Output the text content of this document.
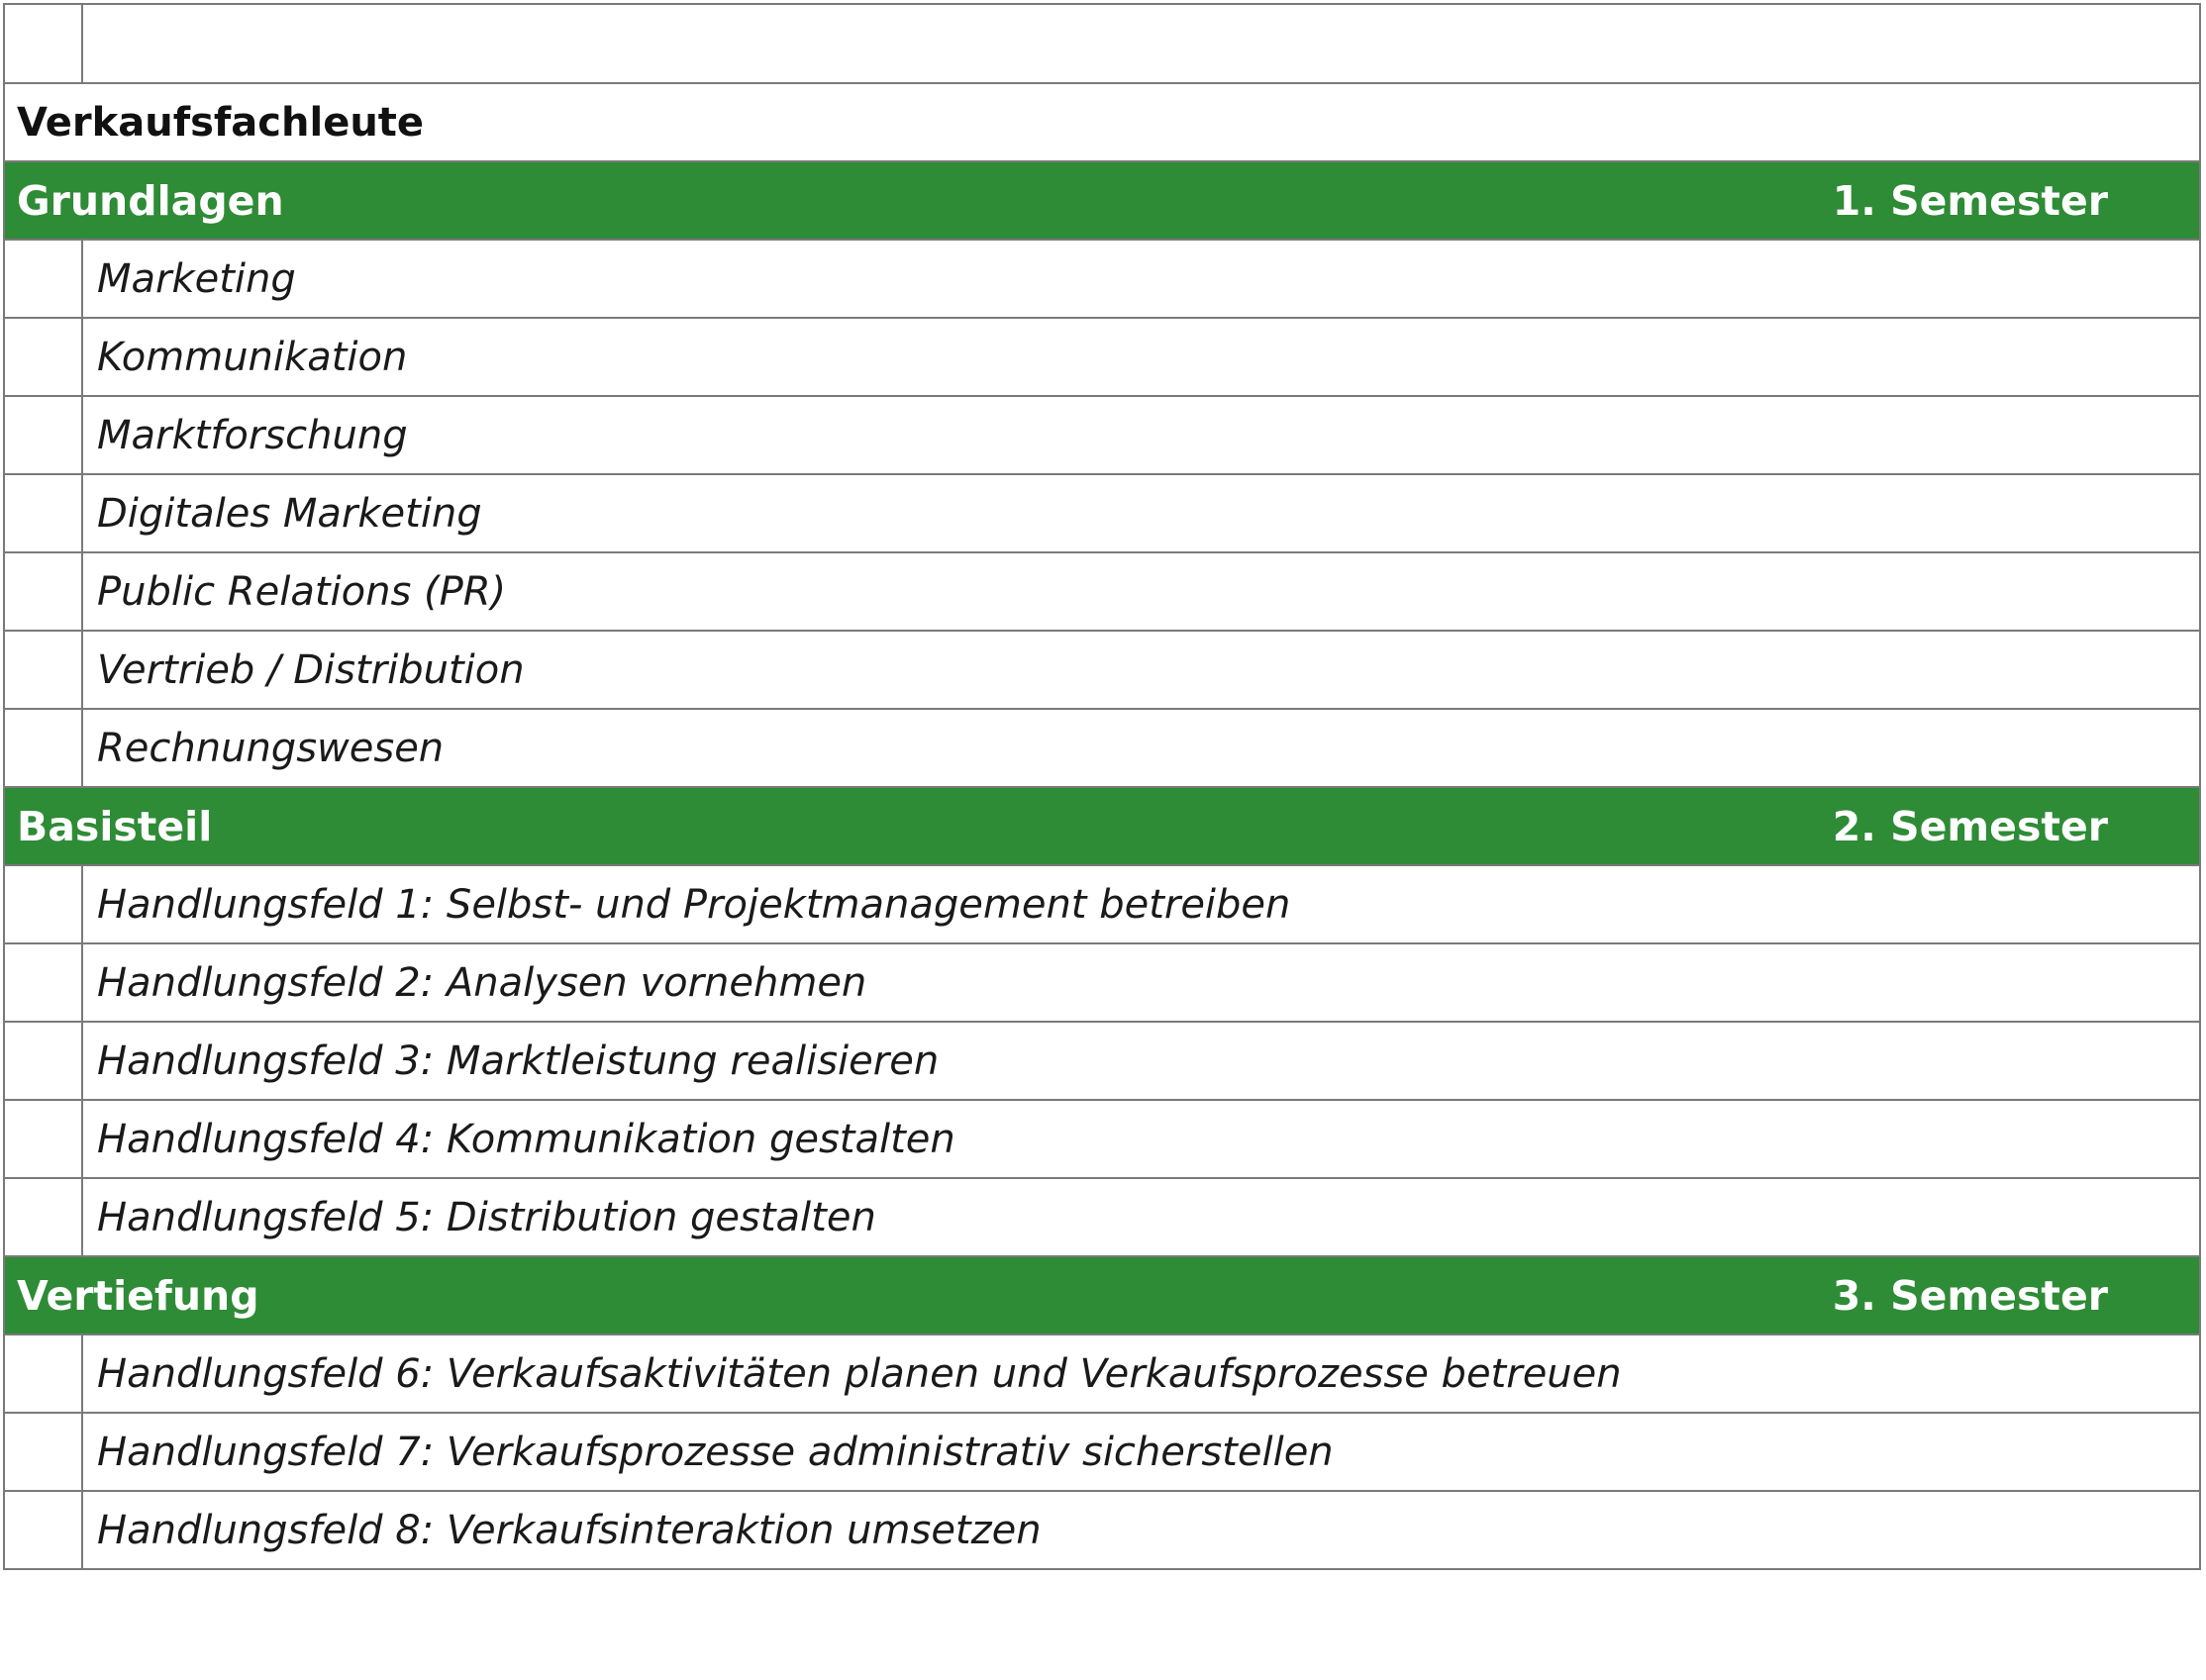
Verkaufsfachleute	

Grundlagen 1. Semester	

	Marketing
	Kommunikation
	Marktforschung
	Digitales Marketing
	Public Relations (PR)
	Vertrieb / Distribution
	Rechnungswesen

Basisteil 2. Semester	

	Handlungsfeld 1: Selbst- und Projektmanagement betreiben
	Handlungsfeld 2: Analysen vornehmen
	Handlungsfeld 3: Marktleistung realisieren
	Handlungsfeld 4: Kommunikation gestalten
	Handlungsfeld 5: Distribution gestalten

Vertiefung 3. Semester	

	Handlungsfeld 6: Verkaufsaktivitäten planen und Verkaufsprozesse betreuen
	Handlungsfeld 7: Verkaufsprozesse administrativ sicherstellen
	Handlungsfeld 8: Verkaufsinteraktion umsetzen
